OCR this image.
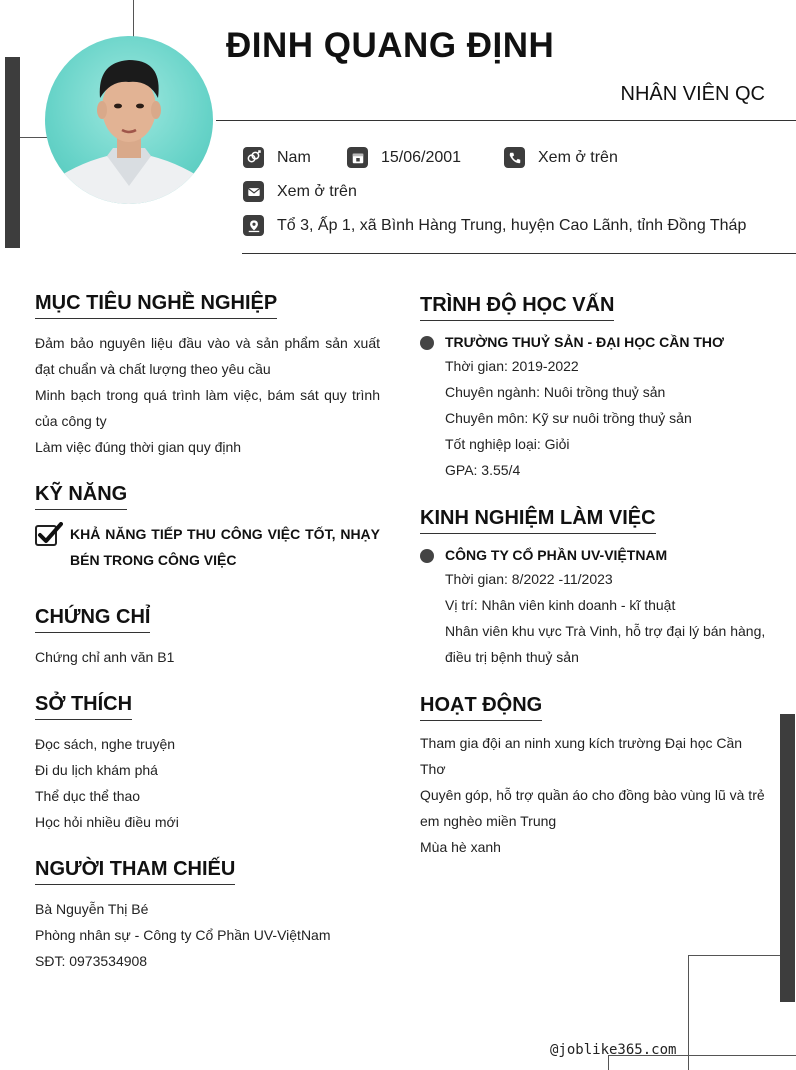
ĐINH QUANG ĐỊNH
NHÂN VIÊN QC
Nam	15/06/2001	Xem ở trên
Xem ở trên
Tổ 3, Ấp 1, xã Bình Hàng Trung, huyện Cao Lãnh, tỉnh Đồng Tháp
MỤC TIÊU NGHỀ NGHIỆP

Đảm bảo nguyên liệu đầu vào và sản phẩm sản xuất đạt chuẩn và chất lượng theo yêu cầu

Minh bạch trong quá trình làm việc, bám sát quy trình của công ty

Làm việc đúng thời gian quy định

KỸ NĂNG
KHẢ NĂNG TIẾP THU CÔNG VIỆC TỐT, NHẠY BÉN TRONG CÔNG VIỆC
CHỨNG CHỈ

Chứng chỉ anh văn B1

SỞ THÍCH

Đọc sách, nghe truyện

Đi du lịch khám phá

Thể dục thể thao

Học hỏi nhiều điều mới

NGƯỜI THAM CHIẾU

Bà Nguyễn Thị Bé

Phòng nhân sự - Công ty Cổ Phần UV-ViệtNam

SĐT: 0973534908

TRÌNH ĐỘ HỌC VẤN
TRƯỜNG THUỶ SẢN - ĐẠI HỌC CẦN THƠ

Thời gian: 2019-2022

Chuyên ngành: Nuôi trồng thuỷ sản

Chuyên môn: Kỹ sư nuôi trồng thuỷ sản

Tốt nghiệp loại: Giỏi

GPA: 3.55/4

KINH NGHIỆM LÀM VIỆC
CÔNG TY CỔ PHẦN UV-VIỆTNAM

Thời gian: 8/2022 -11/2023

Vị trí: Nhân viên kinh doanh - kĩ thuật

Nhân viên khu vực Trà Vinh, hỗ trợ đại lý bán hàng, điều trị bệnh thuỷ sản

HOẠT ĐỘNG

Tham gia đội an ninh xung kích trường Đại học Cần Thơ

Quyên góp, hỗ trợ quần áo cho đồng bào vùng lũ và trẻ em nghèo miền Trung

Mùa hè xanh

@joblike365.com
